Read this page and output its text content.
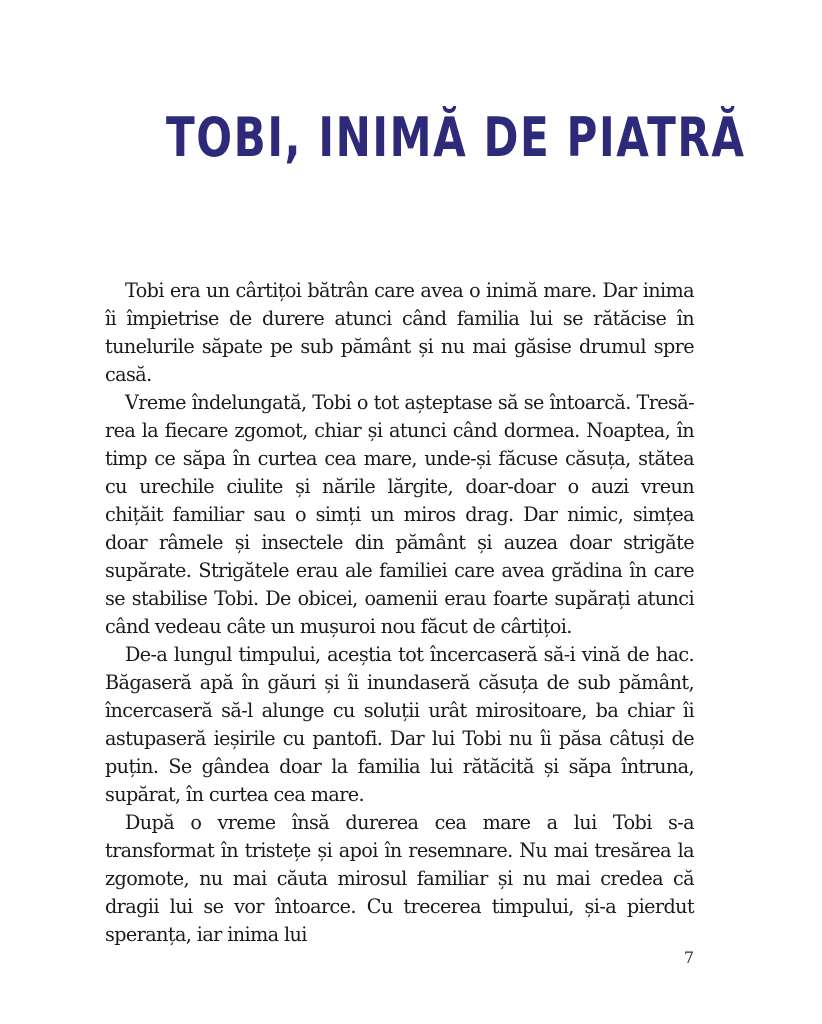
TOBI, INIMĂ DE PIATRĂ

Tobi era un cârtițoi bătrân care avea o inimă mare. Dar inima îi împietrise de durere atunci când familia lui se rătăcise în tunelurile săpate pe sub pământ și nu mai găsise drumul spre casă.

Vreme îndelungată, Tobi o tot așteptase să se întoarcă. Tresă-rea la fiecare zgomot, chiar și atunci când dormea. Noaptea, în timp ce săpa în curtea cea mare, unde-și făcuse căsuța, stătea cu urechile ciulite și nările lărgite, doar-doar o auzi vreun chițăit familiar sau o simți un miros drag. Dar nimic, simțea doar râmele și insectele din pământ și auzea doar strigăte supărate. Strigătele erau ale familiei care avea grădina în care se stabilise Tobi. De obicei, oamenii erau foarte supărați atunci când vedeau câte un mușuroi nou făcut de cârtițoi.

De-a lungul timpului, aceștia tot încercaseră să-i vină de hac. Băgaseră apă în găuri și îi inundaseră căsuța de sub pământ, încercaseră să-l alunge cu soluții urât mirositoare, ba chiar îi astupaseră ieșirile cu pantofi. Dar lui Tobi nu îi păsa câtuși de puțin. Se gândea doar la familia lui rătăcită și săpa întruna, supărat, în curtea cea mare.

După o vreme însă durerea cea mare a lui Tobi s-a transformat în tristețe și apoi în resemnare. Nu mai tresărea la zgomote, nu mai căuta mirosul familiar și nu mai credea că dragii lui se vor întoarce. Cu trecerea timpului, și-a pierdut speranța, iar inima lui

7
